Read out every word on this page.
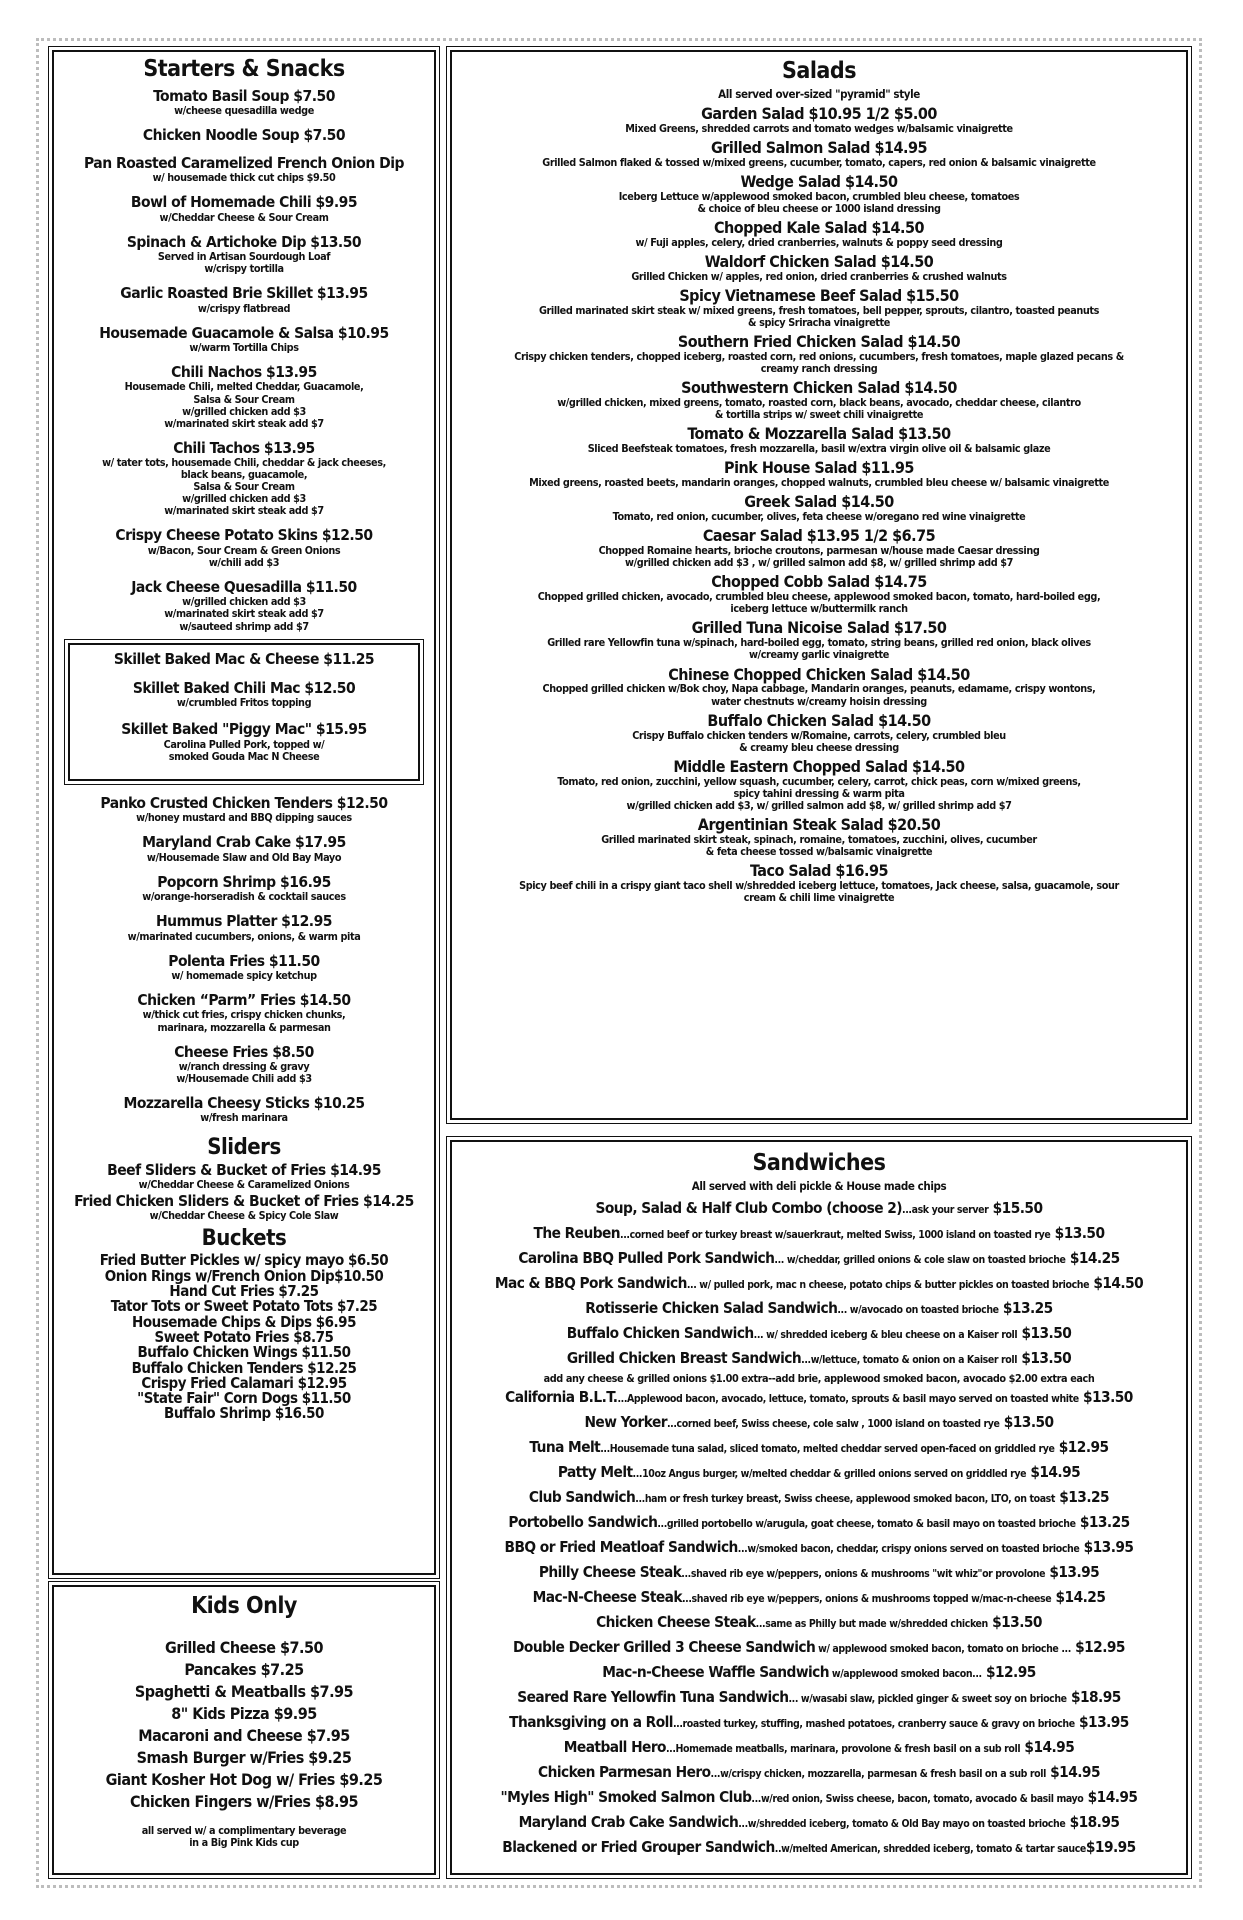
Starters & Snacks
Tomato Basil Soup $7.50
w/cheese quesadilla wedge
Chicken Noodle Soup $7.50
Pan Roasted Caramelized French Onion Dip
w/ housemade thick cut chips $9.50
Bowl of Homemade Chili $9.95
w/Cheddar Cheese & Sour Cream
Spinach & Artichoke Dip $13.50
Served in Artisan Sourdough Loaf
w/crispy tortilla
Garlic Roasted Brie Skillet $13.95
w/crispy flatbread
Housemade Guacamole & Salsa $10.95
w/warm Tortilla Chips
Chili Nachos $13.95
Housemade Chili, melted Cheddar, Guacamole,
Salsa & Sour Cream
w/grilled chicken add $3
w/marinated skirt steak add $7
Chili Tachos $13.95
w/ tater tots, housemade Chili, cheddar & jack cheeses,
black beans, guacamole,
Salsa & Sour Cream
w/grilled chicken add $3
w/marinated skirt steak add $7
Crispy Cheese Potato Skins $12.50
w/Bacon, Sour Cream & Green Onions
w/chili add $3
Jack Cheese Quesadilla $11.50
w/grilled chicken add $3
w/marinated skirt steak add $7
w/sauteed shrimp add $7
Skillet Baked Mac & Cheese $11.25
Skillet Baked Chili Mac $12.50
w/crumbled Fritos topping
Skillet Baked "Piggy Mac" $15.95
Carolina Pulled Pork, topped w/
smoked Gouda Mac N Cheese
Panko Crusted Chicken Tenders $12.50
w/honey mustard and BBQ dipping sauces
Maryland Crab Cake $17.95
w/Housemade Slaw and Old Bay Mayo
Popcorn Shrimp $16.95
w/orange-horseradish & cocktail sauces
Hummus Platter $12.95
w/marinated cucumbers, onions, & warm pita
Polenta Fries $11.50
w/ homemade spicy ketchup
Chicken “Parm” Fries $14.50
w/thick cut fries, crispy chicken chunks,
marinara, mozzarella & parmesan
Cheese Fries $8.50
w/ranch dressing & gravy
w/Housemade Chili add $3
Mozzarella Cheesy Sticks $10.25
w/fresh marinara
Sliders
Beef Sliders & Bucket of Fries $14.95
w/Cheddar Cheese & Caramelized Onions
Fried Chicken Sliders & Bucket of Fries $14.25
w/Cheddar Cheese & Spicy Cole Slaw
Buckets
Fried Butter Pickles w/ spicy mayo $6.50
Onion Rings w/French Onion Dip$10.50
Hand Cut Fries $7.25
Tator Tots or Sweet Potato Tots $7.25
Housemade Chips & Dips $6.95
Sweet Potato Fries $8.75
Buffalo Chicken Wings $11.50
Buffalo Chicken Tenders $12.25
Crispy Fried Calamari $12.95
"State Fair" Corn Dogs $11.50
Buffalo Shrimp $16.50
Kids Only
Grilled Cheese $7.50
Pancakes $7.25
Spaghetti & Meatballs $7.95
8" Kids Pizza $9.95
Macaroni and Cheese $7.95
Smash Burger w/Fries $9.25
Giant Kosher Hot Dog w/ Fries $9.25
Chicken Fingers w/Fries $8.95
all served w/ a complimentary beverage
in a Big Pink Kids cup
Salads
All served over-sized "pyramid" style
Garden Salad $10.95 1/2 $5.00
Mixed Greens, shredded carrots and tomato wedges w/balsamic vinaigrette
Grilled Salmon Salad $14.95
Grilled Salmon flaked & tossed w/mixed greens, cucumber, tomato, capers, red onion & balsamic vinaigrette
Wedge Salad $14.50
Iceberg Lettuce w/applewood smoked bacon, crumbled bleu cheese, tomatoes
& choice of bleu cheese or 1000 island dressing
Chopped Kale Salad $14.50
w/ Fuji apples, celery, dried cranberries, walnuts & poppy seed dressing
Waldorf Chicken Salad $14.50
Grilled Chicken w/ apples, red onion, dried cranberries & crushed walnuts
Spicy Vietnamese Beef Salad $15.50
Grilled marinated skirt steak w/ mixed greens, fresh tomatoes, bell pepper, sprouts, cilantro, toasted peanuts
& spicy Sriracha vinaigrette
Southern Fried Chicken Salad $14.50
Crispy chicken tenders, chopped iceberg, roasted corn, red onions, cucumbers, fresh tomatoes, maple glazed pecans &
creamy ranch dressing
Southwestern Chicken Salad $14.50
w/grilled chicken, mixed greens, tomato, roasted corn, black beans, avocado, cheddar cheese, cilantro
& tortilla strips w/ sweet chili vinaigrette
Tomato & Mozzarella Salad $13.50
Sliced Beefsteak tomatoes, fresh mozzarella, basil w/extra virgin olive oil & balsamic glaze
Pink House Salad $11.95
Mixed greens, roasted beets, mandarin oranges, chopped walnuts, crumbled bleu cheese w/ balsamic vinaigrette
Greek Salad $14.50
Tomato, red onion, cucumber, olives, feta cheese w/oregano red wine vinaigrette
Caesar Salad $13.95 1/2 $6.75
Chopped Romaine hearts, brioche croutons, parmesan w/house made Caesar dressing
w/grilled chicken add $3 , w/ grilled salmon add $8, w/ grilled shrimp add $7
Chopped Cobb Salad $14.75
Chopped grilled chicken, avocado, crumbled bleu cheese, applewood smoked bacon, tomato, hard-boiled egg,
iceberg lettuce w/buttermilk ranch
Grilled Tuna Nicoise Salad $17.50
Grilled rare Yellowfin tuna w/spinach, hard-boiled egg, tomato, string beans, grilled red onion, black olives
w/creamy garlic vinaigrette
Chinese Chopped Chicken Salad $14.50
Chopped grilled chicken w/Bok choy, Napa cabbage, Mandarin oranges, peanuts, edamame, crispy wontons,
water chestnuts w/creamy hoisin dressing
Buffalo Chicken Salad $14.50
Crispy Buffalo chicken tenders w/Romaine, carrots, celery, crumbled bleu
& creamy bleu cheese dressing
Middle Eastern Chopped Salad $14.50
Tomato, red onion, zucchini, yellow squash, cucumber, celery, carrot, chick peas, corn w/mixed greens,
spicy tahini dressing & warm pita
w/grilled chicken add $3, w/ grilled salmon add $8, w/ grilled shrimp add $7
Argentinian Steak Salad $20.50
Grilled marinated skirt steak, spinach, romaine, tomatoes, zucchini, olives, cucumber
& feta cheese tossed w/balsamic vinaigrette
Taco Salad $16.95
Spicy beef chili in a crispy giant taco shell w/shredded iceberg lettuce, tomatoes, Jack cheese, salsa, guacamole, sour
cream & chili lime vinaigrette
Sandwiches
All served with deli pickle & House made chips
Soup, Salad & Half Club Combo (choose 2)...ask your server $15.50
The Reuben...corned beef or turkey breast w/sauerkraut, melted Swiss, 1000 island on toasted rye $13.50
Carolina BBQ Pulled Pork Sandwich... w/cheddar, grilled onions & cole slaw on toasted brioche $14.25
Mac & BBQ Pork Sandwich... w/ pulled pork, mac n cheese, potato chips & butter pickles on toasted brioche $14.50
Rotisserie Chicken Salad Sandwich... w/avocado on toasted brioche $13.25
Buffalo Chicken Sandwich... w/ shredded iceberg & bleu cheese on a Kaiser roll $13.50
Grilled Chicken Breast Sandwich...w/lettuce, tomato & onion on a Kaiser roll $13.50
add any cheese & grilled onions $1.00 extra--add brie, applewood smoked bacon, avocado $2.00 extra each
California B.L.T....Applewood bacon, avocado, lettuce, tomato, sprouts & basil mayo served on toasted white $13.50
New Yorker...corned beef, Swiss cheese, cole salw , 1000 island on toasted rye $13.50
Tuna Melt...Housemade tuna salad, sliced tomato, melted cheddar served open-faced on griddled rye $12.95
Patty Melt...10oz Angus burger, w/melted cheddar & grilled onions served on griddled rye $14.95
Club Sandwich...ham or fresh turkey breast, Swiss cheese, applewood smoked bacon, LTO, on toast $13.25
Portobello Sandwich...grilled portobello w/arugula, goat cheese, tomato & basil mayo on toasted brioche $13.25
BBQ or Fried Meatloaf Sandwich...w/smoked bacon, cheddar, crispy onions served on toasted brioche $13.95
Philly Cheese Steak...shaved rib eye w/peppers, onions & mushrooms "wit whiz"or provolone $13.95
Mac-N-Cheese Steak...shaved rib eye w/peppers, onions & mushrooms topped w/mac-n-cheese $14.25
Chicken Cheese Steak...same as Philly but made w/shredded chicken $13.50
Double Decker Grilled 3 Cheese Sandwich w/ applewood smoked bacon, tomato on brioche ... $12.95
Mac-n-Cheese Waffle Sandwich w/applewood smoked bacon... $12.95
Seared Rare Yellowfin Tuna Sandwich... w/wasabi slaw, pickled ginger & sweet soy on brioche $18.95
Thanksgiving on a Roll...roasted turkey, stuffing, mashed potatoes, cranberry sauce & gravy on brioche $13.95
Meatball Hero...Homemade meatballs, marinara, provolone & fresh basil on a sub roll $14.95
Chicken Parmesan Hero...w/crispy chicken, mozzarella, parmesan & fresh basil on a sub roll $14.95
"Myles High" Smoked Salmon Club...w/red onion, Swiss cheese, bacon, tomato, avocado & basil mayo $14.95
Maryland Crab Cake Sandwich...w/shredded iceberg, tomato & Old Bay mayo on toasted brioche $18.95
Blackened or Fried Grouper Sandwich..w/melted American, shredded iceberg, tomato & tartar sauce$19.95
